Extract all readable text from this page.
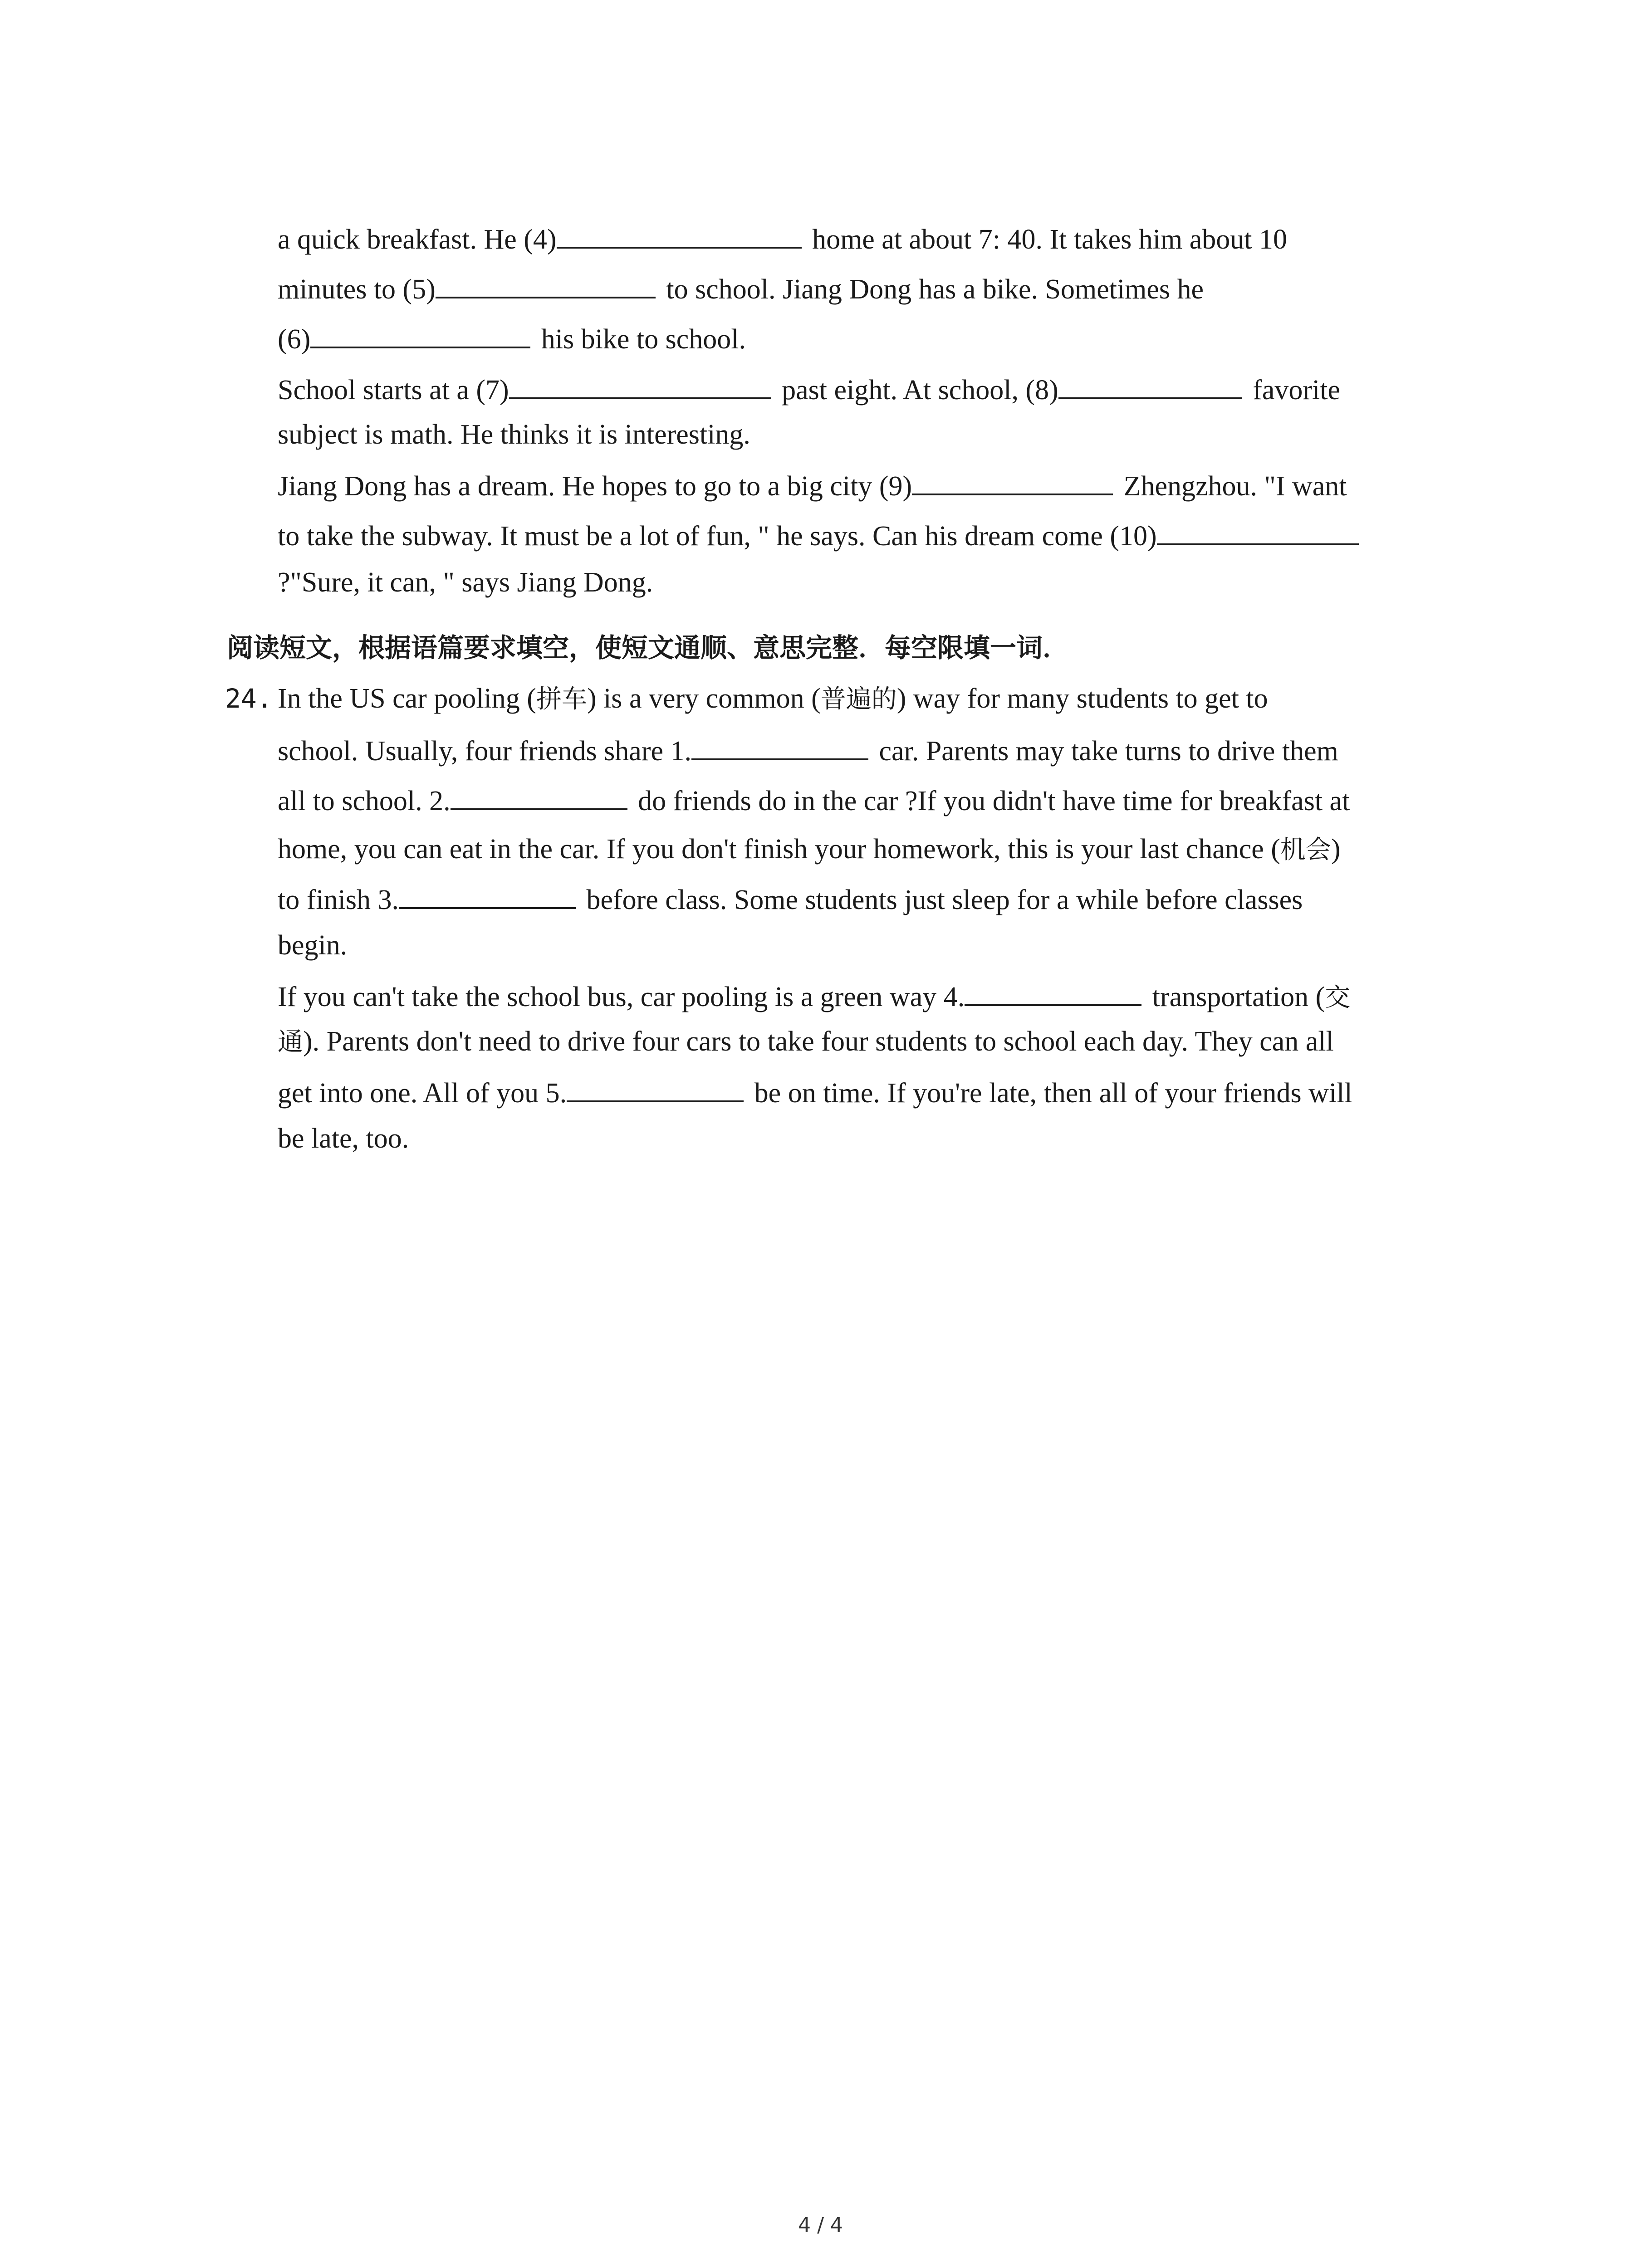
a quick breakfast. He (4)	home at about 7: 40. It takes him about 10
minutes to (5)	to school. Jiang Dong has a bike. Sometimes he
(6)	his bike to school.
School starts at a (7)	past eight. At school, (8)	favorite
subject is math. He thinks it is interesting.
Jiang Dong has a dream. He hopes to go to a big city (9)	Zhengzhou. "I want
to take the subway. It must be a lot of fun, " he says. Can his dream come (10)
?"Sure, it can, " says Jiang Dong.
阅读短文，根据语篇要求填空，使短文通顺、意思完整．每空限填一词．
24. In the US car pooling (拼车) is a very common (普遍的) way for many students to get to
school. Usually, four friends share 1.	car. Parents may take turns to drive them
all to school. 2.	do friends do in the car ?If you didn't have time for breakfast at
home, you can eat in the car. If you don't finish your homework, this is your last chance (机会)
to finish 3.	before class. Some students just sleep for a while before classes
begin.
If you can't take the school bus, car pooling is a green way 4.	transportation (交
通). Parents don't need to drive four cars to take four students to school each day. They can all
get into one. All of you 5.	be on time. If you're late, then all of your friends will
be late, too.
4 / 4
